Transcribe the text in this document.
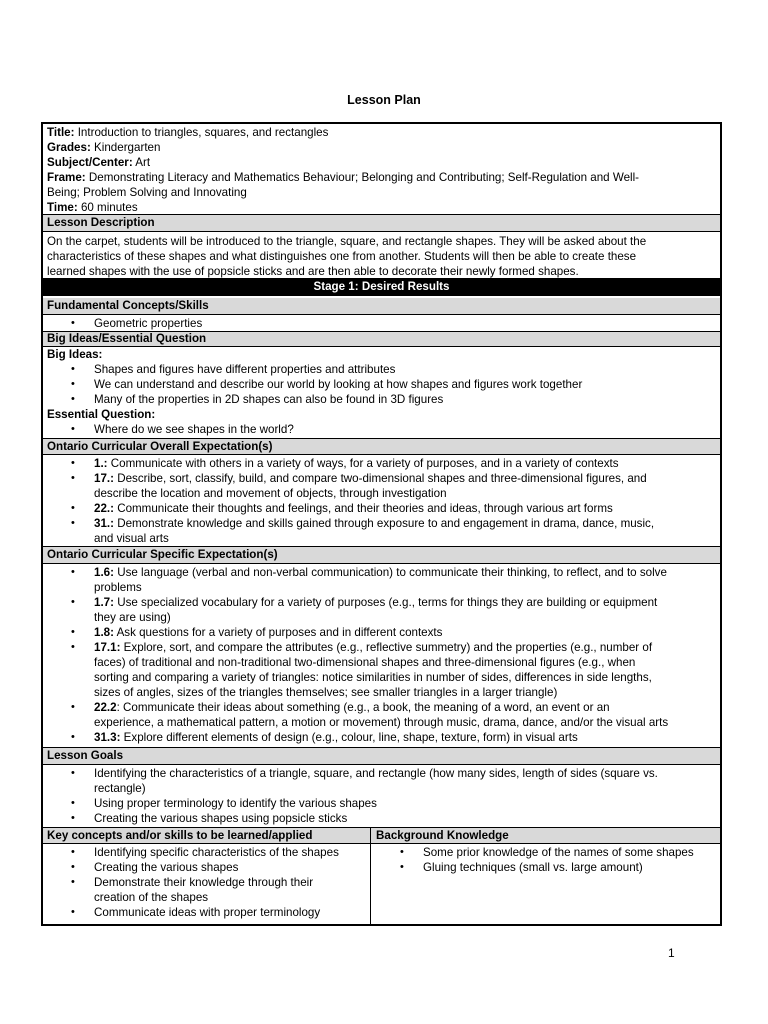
Lesson Plan
Title: Introduction to triangles, squares, and rectangles
Grades: Kindergarten
Subject/Center: Art
Frame: Demonstrating Literacy and Mathematics Behaviour; Belonging and Contributing; Self-Regulation and Well-
Being; Problem Solving and Innovating
Time: 60 minutes
Lesson Description
On the carpet, students will be introduced to the triangle, square, and rectangle shapes. They will be asked about the
characteristics of these shapes and what distinguishes one from another. Students will then be able to create these
learned shapes with the use of popsicle sticks and are then able to decorate their newly formed shapes.
Stage 1: Desired Results
Fundamental Concepts/Skills
• Geometric properties
Big Ideas/Essential Question
Big Ideas:
• Shapes and figures have different properties and attributes
• We can understand and describe our world by looking at how shapes and figures work together
• Many of the properties in 2D shapes can also be found in 3D figures
Essential Question:
• Where do we see shapes in the world?
Ontario Curricular Overall Expectation(s)
• 1.: Communicate with others in a variety of ways, for a variety of purposes, and in a variety of contexts
• 17.: Describe, sort, classify, build, and compare two-dimensional shapes and three-dimensional figures, and
describe the location and movement of objects, through investigation
• 22.: Communicate their thoughts and feelings, and their theories and ideas, through various art forms
• 31.: Demonstrate knowledge and skills gained through exposure to and engagement in drama, dance, music,
and visual arts
Ontario Curricular Specific Expectation(s)
• 1.6: Use language (verbal and non-verbal communication) to communicate their thinking, to reflect, and to solve
problems
• 1.7: Use specialized vocabulary for a variety of purposes (e.g., terms for things they are building or equipment
they are using)
• 1.8: Ask questions for a variety of purposes and in different contexts
• 17.1: Explore, sort, and compare the attributes (e.g., reflective summetry) and the properties (e.g., number of
faces) of traditional and non-traditional two-dimensional shapes and three-dimensional figures (e.g., when
sorting and comparing a variety of triangles: notice similarities in number of sides, differences in side lengths,
sizes of angles, sizes of the triangles themselves; see smaller triangles in a larger triangle)
• 22.2: Communicate their ideas about something (e.g., a book, the meaning of a word, an event or an
experience, a mathematical pattern, a motion or movement) through music, drama, dance, and/or the visual arts
• 31.3: Explore different elements of design (e.g., colour, line, shape, texture, form) in visual arts
Lesson Goals
• Identifying the characteristics of a triangle, square, and rectangle (how many sides, length of sides (square vs.
rectangle)
• Using proper terminology to identify the various shapes
• Creating the various shapes using popsicle sticks
Key concepts and/or skills to be learned/applied	Background Knowledge
• Identifying specific characteristics of the shapes
• Creating the various shapes
• Demonstrate their knowledge through their
creation of the shapes
• Communicate ideas with proper terminology
• Some prior knowledge of the names of some shapes
• Gluing techniques (small vs. large amount)
1
